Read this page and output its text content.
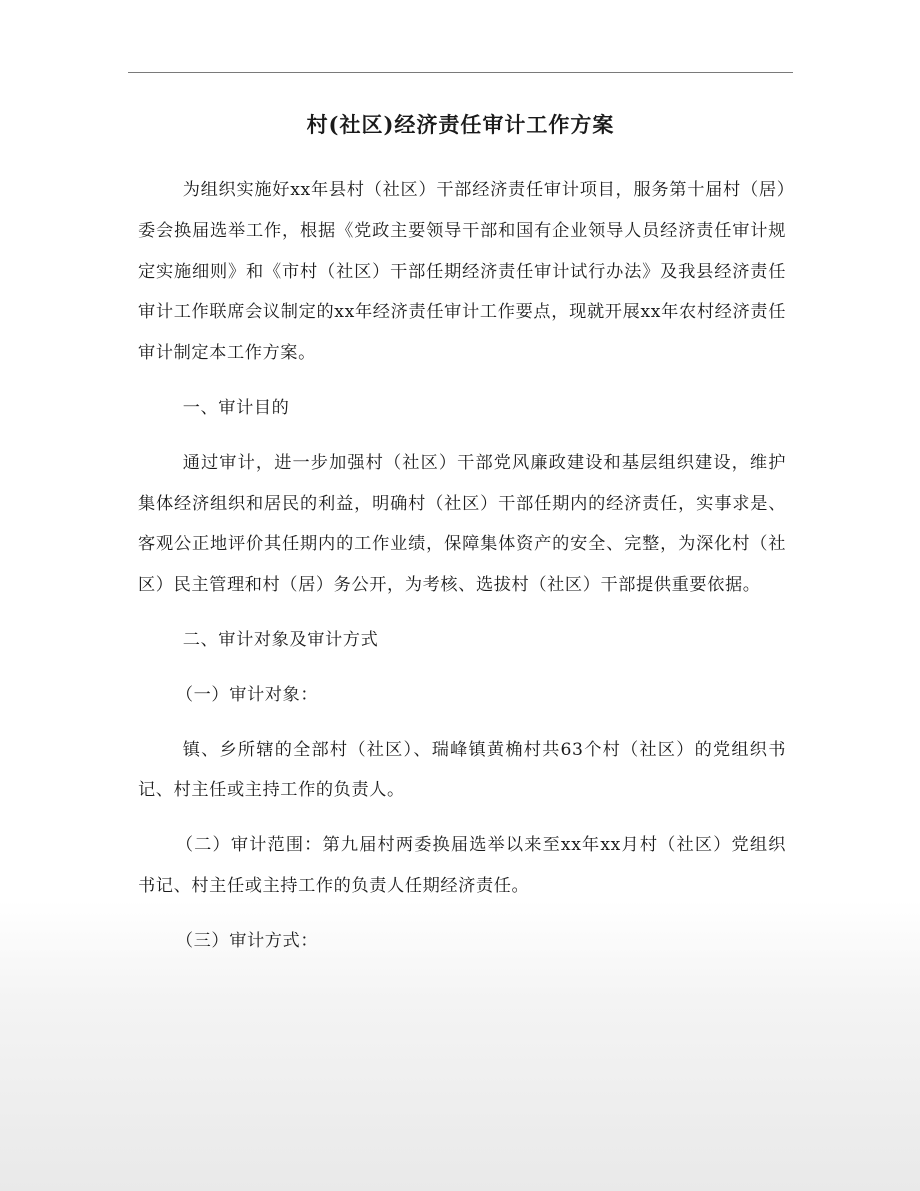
村(社区)经济责任审计工作方案

为组织实施好xx年县村（社区）干部经济责任审计项目，服务第十届村（居）委会换届选举工作，根据《党政主要领导干部和国有企业领导人员经济责任审计规定实施细则》和《市村（社区）干部任期经济责任审计试行办法》及我县经济责任审计工作联席会议制定的xx年经济责任审计工作要点，现就开展xx年农村经济责任审计制定本工作方案。

一、审计目的

通过审计，进一步加强村（社区）干部党风廉政建设和基层组织建设，维护集体经济组织和居民的利益，明确村（社区）干部任期内的经济责任，实事求是、客观公正地评价其任期内的工作业绩，保障集体资产的安全、完整，为深化村（社区）民主管理和村（居）务公开，为考核、选拔村（社区）干部提供重要依据。

二、审计对象及审计方式

（一）审计对象：

镇、乡所辖的全部村（社区）、瑞峰镇黄桷村共63个村（社区）的党组织书记、村主任或主持工作的负责人。

（二）审计范围：第九届村两委换届选举以来至xx年xx月村（社区）党组织书记、村主任或主持工作的负责人任期经济责任。

（三）审计方式：
